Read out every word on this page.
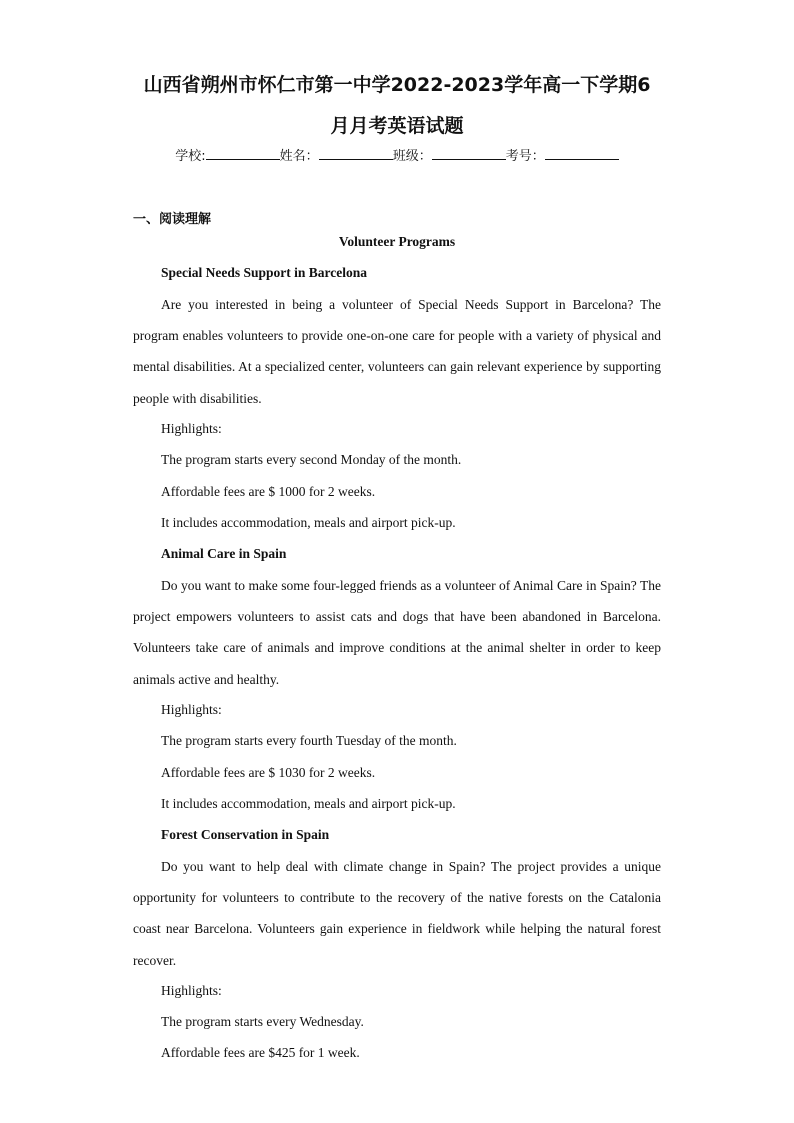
山西省朔州市怀仁市第一中学2022-2023学年高一下学期6
月月考英语试题
学校:	姓名：	班级：	考号：
一、阅读理解
Volunteer Programs
Special Needs Support in Barcelona
Are you interested in being a volunteer of Special Needs Support in Barcelona? The program enables volunteers to provide one-on-one care for people with a variety of physical and mental disabilities. At a specialized center, volunteers can gain relevant experience by supporting people with disabilities.
Highlights:
The program starts every second Monday of the month.
Affordable fees are $ 1000 for 2 weeks.
It includes accommodation, meals and airport pick-up.
Animal Care in Spain
Do you want to make some four-legged friends as a volunteer of Animal Care in Spain? The project empowers volunteers to assist cats and dogs that have been abandoned in Barcelona. Volunteers take care of animals and improve conditions at the animal shelter in order to keep animals active and healthy.
Highlights:
The program starts every fourth Tuesday of the month.
Affordable fees are $ 1030 for 2 weeks.
It includes accommodation, meals and airport pick-up.
Forest Conservation in Spain
Do you want to help deal with climate change in Spain? The project provides a unique opportunity for volunteers to contribute to the recovery of the native forests on the Catalonia coast near Barcelona. Volunteers gain experience in fieldwork while helping the natural forest recover.
Highlights:
The program starts every Wednesday.
Affordable fees are $425 for 1 week.
